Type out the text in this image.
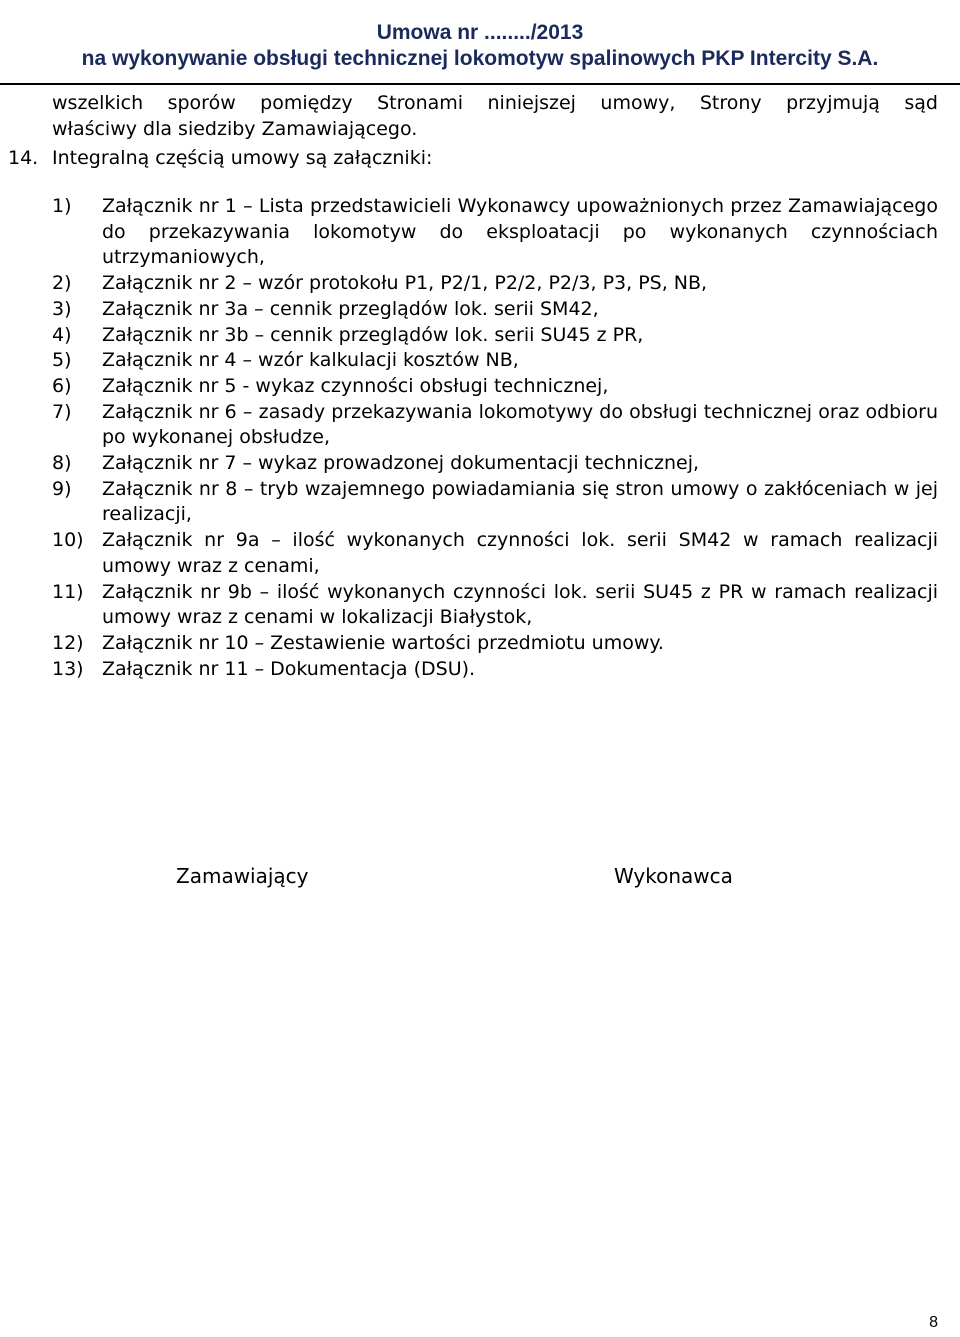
Umowa nr ......../2013
na wykonywanie obsługi technicznej lokomotyw spalinowych PKP Intercity S.A.
wszelkich sporów pomiędzy Stronami niniejszej umowy, Strony przyjmują sąd
właściwy dla siedziby Zamawiającego.
14. Integralną częścią umowy są załączniki:
1)	Załącznik nr 1 – Lista przedstawicieli Wykonawcy upoważnionych przez Zamawiającego do przekazywania lokomotyw do eksploatacji po wykonanych czynnościach utrzymaniowych,
2)	Załącznik nr 2 – wzór protokołu P1, P2/1, P2/2, P2/3, P3, PS, NB,
3)	Załącznik nr 3a – cennik przeglądów lok. serii SM42,
4)	Załącznik nr 3b – cennik przeglądów lok. serii SU45 z PR,
5)	Załącznik nr 4 – wzór kalkulacji kosztów NB,
6)	Załącznik nr 5 - wykaz czynności obsługi technicznej,
7)	Załącznik nr 6 – zasady przekazywania lokomotywy do obsługi technicznej oraz odbioru po wykonanej obsłudze,
8)	Załącznik nr 7 – wykaz prowadzonej dokumentacji technicznej,
9)	Załącznik nr 8 – tryb wzajemnego powiadamiania się stron umowy o zakłóceniach w jej realizacji,
10) Załącznik nr 9a – ilość wykonanych czynności lok. serii SM42 w ramach realizacji umowy wraz z cenami,
11) Załącznik nr 9b – ilość wykonanych czynności lok. serii SU45 z PR w ramach realizacji umowy wraz z cenami w lokalizacji Białystok,
12) Załącznik nr 10 – Zestawienie wartości przedmiotu umowy.
13) Załącznik nr 11 – Dokumentacja (DSU).
Zamawiający	Wykonawca
8
